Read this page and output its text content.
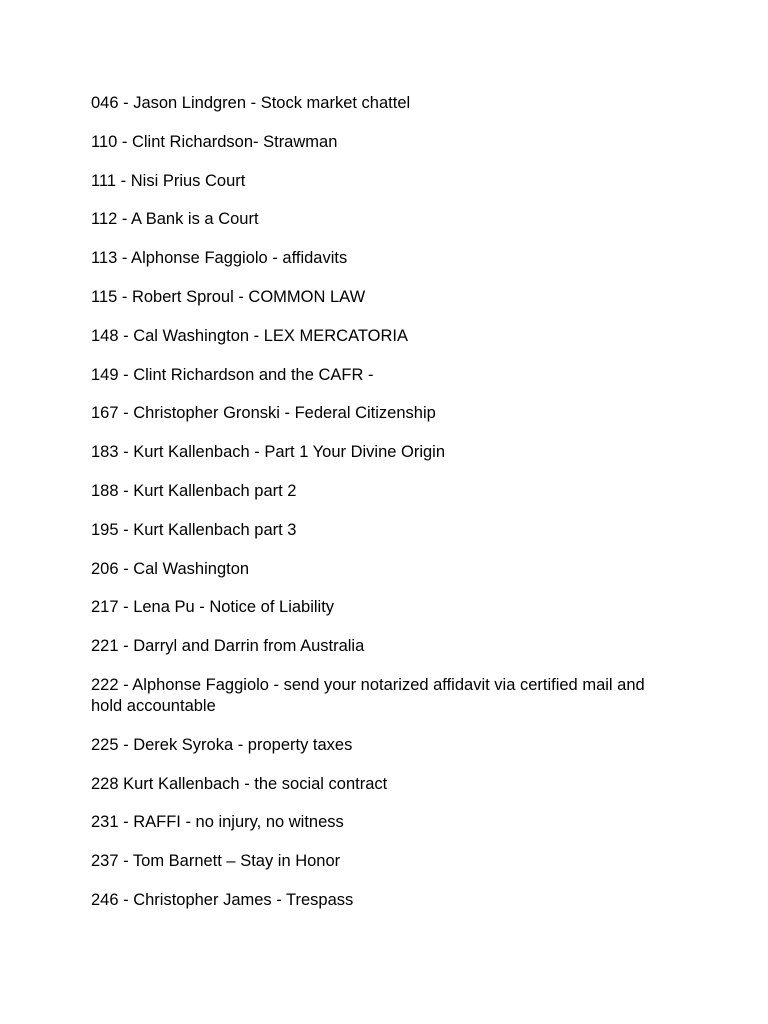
046 - Jason Lindgren - Stock market chattel
110 - Clint Richardson- Strawman
111 - Nisi Prius Court
112 - A Bank is a Court
113 - Alphonse Faggiolo - affidavits
115 - Robert Sproul - COMMON LAW
148 - Cal Washington - LEX MERCATORIA
149 - Clint Richardson and the CAFR -
167 - Christopher Gronski - Federal Citizenship
183 - Kurt Kallenbach - Part 1 Your Divine Origin
188 - Kurt Kallenbach part 2
195 - Kurt Kallenbach part 3
206 - Cal Washington
217 - Lena Pu - Notice of Liability
221 - Darryl and Darrin from Australia
222 - Alphonse Faggiolo - send your notarized affidavit via certified mail and hold accountable
225 - Derek Syroka - property taxes
228 Kurt Kallenbach - the social contract
231 - RAFFI - no injury, no witness
237 - Tom Barnett – Stay in Honor
246 - Christopher James - Trespass
